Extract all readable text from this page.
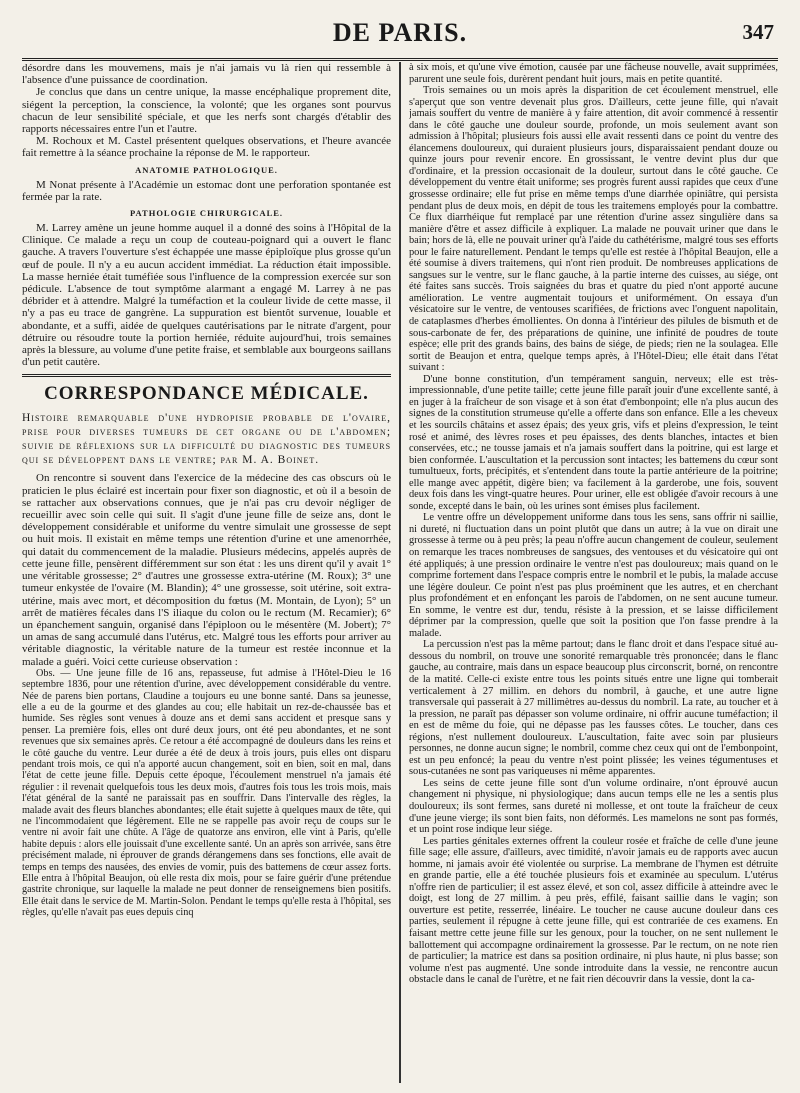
DE PARIS.	347

désordre dans les mouvemens, mais je n'ai jamais vu là rien qui ressemble à l'absence d'une puissance de coordination.

Je conclus que dans un centre unique, la masse encéphalique proprement dite, siégent la perception, la conscience, la volonté; que les organes sont pourvus chacun de leur sensibilité spéciale, et que les nerfs sont chargés d'établir des rapports nécessaires entre l'un et l'autre.

M. Rochoux et M. Castel présentent quelques observations, et l'heure avancée fait remettre à la séance prochaine la réponse de M. le rapporteur.

ANATOMIE PATHOLOGIQUE.

M Nonat présente à l'Académie un estomac dont une perforation spontanée est fermée par la rate.

PATHOLOGIE CHIRURGICALE.

M. Larrey amène un jeune homme auquel il a donné des soins à l'Hôpital de la Clinique. Ce malade a reçu un coup de couteau-poignard qui a ouvert le flanc gauche. A travers l'ouverture s'est échappée une masse épiploïque plus grosse qu'un œuf de poule. Il n'y a eu aucun accident immédiat. La réduction était impossible. La masse herniée était tuméfiée sous l'influence de la compression exercée sur son pédicule. L'absence de tout symptôme alarmant a engagé M. Larrey à ne pas débrider et à attendre. Malgré la tuméfaction et la couleur livide de cette masse, il n'y a pas eu trace de gangrène. La suppuration est bientôt survenue, louable et abondante, et a suffi, aidée de quelques cautérisations par le nitrate d'argent, pour détruire ou résoudre toute la portion herniée, réduite aujourd'hui, trois semaines après la blessure, au volume d'une petite fraise, et semblable aux bourgeons saillans d'un petit cautère.

CORRESPONDANCE MÉDICALE.
Histoire remarquable d'une hydropisie probable de l'ovaire, prise pour diverses tumeurs de cet organe ou de l'abdomen; suivie de réflexions sur la difficulté du diagnostic des tumeurs qui se développent dans le ventre; par M. A. Boinet.

On rencontre si souvent dans l'exercice de la médecine des cas obscurs où le praticien le plus éclairé est incertain pour fixer son diagnostic, et où il a besoin de se rattacher aux observations connues, que je n'ai pas cru devoir négliger de recueillir avec soin celle qui suit. Il s'agit d'une jeune fille de seize ans, dont le développement considérable et uniforme du ventre simulait une grossesse de sept ou huit mois. Il existait en même temps une rétention d'urine et une amenorrhée, qui datait du commencement de la maladie. Plusieurs médecins, appelés auprès de cette jeune fille, pensèrent différemment sur son état : les uns dirent qu'il y avait 1° une véritable grossesse; 2° d'autres une grossesse extra-utérine (M. Roux); 3° une tumeur enkystée de l'ovaire (M. Blandin); 4° une grossesse, soit utérine, soit extra-utérine, mais avec mort, et décomposition du fœtus (M. Montain, de Lyon); 5° un arrêt de matières fécales dans l'S iliaque du colon ou le rectum (M. Recamier); 6° un épanchement sanguin, organisé dans l'épiploon ou le mésentère (M. Jobert); 7° un amas de sang accumulé dans l'utérus, etc. Malgré tous les efforts pour arriver au véritable diagnostic, la véritable nature de la tumeur est restée inconnue et la malade a guéri. Voici cette curieuse observation :

Obs. — Une jeune fille de 16 ans, repasseuse, fut admise à l'Hôtel-Dieu le 16 septembre 1836, pour une rétention d'urine, avec développement considérable du ventre. Née de parens bien portans, Claudine a toujours eu une bonne santé. Dans sa jeunesse, elle a eu de la gourme et des glandes au cou; elle habitait un rez-de-chaussée bas et humide. Ses règles sont venues à douze ans et demi sans accident et presque sans y penser. La première fois, elles ont duré deux jours, ont été peu abondantes, et ne sont revenues que six semaines après. Ce retour a été accompagné de douleurs dans les reins et le côté gauche du ventre. Leur durée a été de deux à trois jours, puis elles ont disparu pendant trois mois, ce qui n'a apporté aucun changement, soit en bien, soit en mal, dans l'état de cette jeune fille. Depuis cette époque, l'écoulement menstruel n'a jamais été régulier : il revenait quelquefois tous les deux mois, d'autres fois tous les trois mois, mais l'état général de la santé ne paraissait pas en souffrir. Dans l'intervalle des règles, la malade avait des fleurs blanches abondantes; elle était sujette à quelques maux de tête, qui ne l'incommodaient que légèrement. Elle ne se rappelle pas avoir reçu de coups sur le ventre ni avoir fait une chûte. A l'âge de quatorze ans environ, elle vint à Paris, qu'elle habite depuis : alors elle jouissait d'une excellente santé. Un an après son arrivée, sans être précisément malade, ni éprouver de grands dérangemens dans ses fonctions, elle avait de temps en temps des nausées, des envies de vomir, puis des battemens de cœur assez forts. Elle entra à l'hôpital Beaujon, où elle resta dix mois, pour se faire guérir d'une prétendue gastrite chronique, sur laquelle la malade ne peut donner de renseignemens bien positifs. Elle était dans le service de M. Martin-Solon. Pendant le temps qu'elle resta à l'hôpital, ses règles, qu'elle n'avait pas eues depuis cinq

à six mois, et qu'une vive émotion, causée par une fâcheuse nouvelle, avait supprimées, parurent une seule fois, durèrent pendant huit jours, mais en petite quantité.

Trois semaines ou un mois après la disparition de cet écoulement menstruel, elle s'aperçut que son ventre devenait plus gros. D'ailleurs, cette jeune fille, qui n'avait jamais souffert du ventre de manière à y faire attention, dit avoir commencé à ressentir dans le côté gauche une douleur sourde, profonde, un mois seulement avant son admission à l'hôpital; plusieurs fois aussi elle avait ressenti dans ce point du ventre des élancemens douloureux, qui duraient plusieurs jours, disparaissaient pendant douze ou quinze jours pour revenir encore. En grossissant, le ventre devint plus dur que d'ordinaire, et la pression occasionait de la douleur, surtout dans le côté gauche. Ce développement du ventre était uniforme; ses progrès furent aussi rapides que ceux d'une grossesse ordinaire; elle fut prise en même temps d'une diarrhée opiniâtre, qui persista pendant plus de deux mois, en dépit de tous les traitemens employés pour la combattre. Ce flux diarrhéique fut remplacé par une rétention d'urine assez singulière dans sa manière d'être et assez difficile à expliquer. La malade ne pouvait uriner que dans le bain; hors de là, elle ne pouvait uriner qu'à l'aide du cathétérisme, malgré tous ses efforts pour le faire naturellement. Pendant le temps qu'elle est restée à l'hôpital Beaujon, elle a été soumise à divers traitemens, qui n'ont rien produit. De nombreuses applications de sangsues sur le ventre, sur le flanc gauche, à la partie interne des cuisses, au siége, ont été faites sans succès. Trois saignées du bras et quatre du pied n'ont apporté aucune amélioration. Le ventre augmentait toujours et uniformément. On essaya d'un vésicatoire sur le ventre, de ventouses scarifiées, de frictions avec l'onguent napolitain, de cataplasmes d'herbes émollientes. On donna à l'intérieur des pilules de bismuth et de sous-carbonate de fer, des préparations de quinine, une infinité de poudres de toute espèce; elle prit des grands bains, des bains de siége, de pieds; rien ne la soulagea. Elle sortit de Beaujon et entra, quelque temps après, à l'Hôtel-Dieu; elle était dans l'état suivant :

D'une bonne constitution, d'un tempérament sanguin, nerveux; elle est très-impressionnable, d'une petite taille; cette jeune fille paraît jouir d'une excellente santé, à en juger à la fraîcheur de son visage et à son état d'embonpoint; elle n'a plus aucun des signes de la constitution strumeuse qu'elle a offerte dans son enfance. Elle a les cheveux et les sourcils châtains et assez épais; des yeux gris, vifs et pleins d'expression, le teint rosé et animé, des lèvres roses et peu épaisses, des dents blanches, intactes et bien conservées, etc.; ne tousse jamais et n'a jamais souffert dans la poitrine, qui est large et bien conformée. L'auscultation et la percussion sont intactes; les battemens du cœur sont tumultueux, forts, précipités, et s'entendent dans toute la partie antérieure de la poitrine; elle mange avec appétit, digère bien; va facilement à la garderobe, une fois, souvent deux fois dans les vingt-quatre heures. Pour uriner, elle est obligée d'avoir recours à une sonde, excepté dans le bain, où les urines sont émises plus facilement.

Le ventre offre un développement uniforme dans tous les sens, sans offrir ni saillie, ni dureté, ni fluctuation dans un point plutôt que dans un autre; à la vue on dirait une grossesse à terme ou à peu près; la peau n'offre aucun changement de couleur, seulement on remarque les traces nombreuses de sangsues, des ventouses et du vésicatoire qui ont été appliqués; à une pression ordinaire le ventre n'est pas douloureux; mais quand on le comprime fortement dans l'espace compris entre le nombril et le pubis, la malade accuse une légère douleur. Ce point n'est pas plus proéminent que les autres, et en cherchant plus profondément et en enfonçant les parois de l'abdomen, on ne sent aucune tumeur. En somme, le ventre est dur, tendu, résiste à la pression, et se laisse difficilement déprimer par la compression, quelle que soit la position que l'on fasse prendre à la malade.

La percussion n'est pas la même partout; dans le flanc droit et dans l'espace situé au-dessous du nombril, on trouve une sonorité remarquable très prononcée; dans le flanc gauche, au contraire, mais dans un espace beaucoup plus circonscrit, borné, on rencontre de la matité. Celle-ci existe entre tous les points situés entre une ligne qui tomberait verticalement à 27 millim. en dehors du nombril, à gauche, et une autre ligne transversale qui passerait à 27 millimètres au-dessus du nombril. La rate, au toucher et à la pression, ne paraît pas dépasser son volume ordinaire, ni offrir aucune tuméfaction; il en est de même du foie, qui ne dépasse pas les fausses côtes. Le toucher, dans ces régions, n'est nullement douloureux. L'auscultation, faite avec soin par plusieurs personnes, ne donne aucun signe; le nombril, comme chez ceux qui ont de l'embonpoint, est un peu enfoncé; la peau du ventre n'est point plissée; les veines tégumentuses et sous-cutanées ne sont pas variqueuses ni même apparentes.

Les seins de cette jeune fille sont d'un volume ordinaire, n'ont éprouvé aucun changement ni physique, ni physiologique; dans aucun temps elle ne les a sentis plus douloureux; ils sont fermes, sans dureté ni mollesse, et ont toute la fraîcheur de ceux d'une jeune vierge; ils sont bien faits, non déformés. Les mamelons ne sont pas formés, et un point rose indique leur siége.

Les parties génitales externes offrent la couleur rosée et fraîche de celle d'une jeune fille sage; elle assure, d'ailleurs, avec timidité, n'avoir jamais eu de rapports avec aucun homme, ni jamais avoir été violentée ou surprise. La membrane de l'hymen est détruite en grande partie, elle a été touchée plusieurs fois et examinée au speculum. L'utérus n'offre rien de particulier; il est assez élevé, et son col, assez difficile à atteindre avec le doigt, est long de 27 millim. à peu près, effilé, faisant saillie dans le vagin; son ouverture est petite, resserrée, linéaire. Le toucher ne cause aucune douleur dans ces parties, seulement il répugne à cette jeune fille, qui est contrariée de ces examens. En faisant mettre cette jeune fille sur les genoux, pour la toucher, on ne sent nullement le ballottement qui accompagne ordinairement la grossesse. Par le rectum, on ne note rien de particulier; la matrice est dans sa position ordinaire, ni plus haute, ni plus basse; son volume n'est pas augmenté. Une sonde introduite dans la vessie, ne rencontre aucun obstacle dans le canal de l'urètre, et ne fait rien découvrir dans la vessie, dont la ca-
